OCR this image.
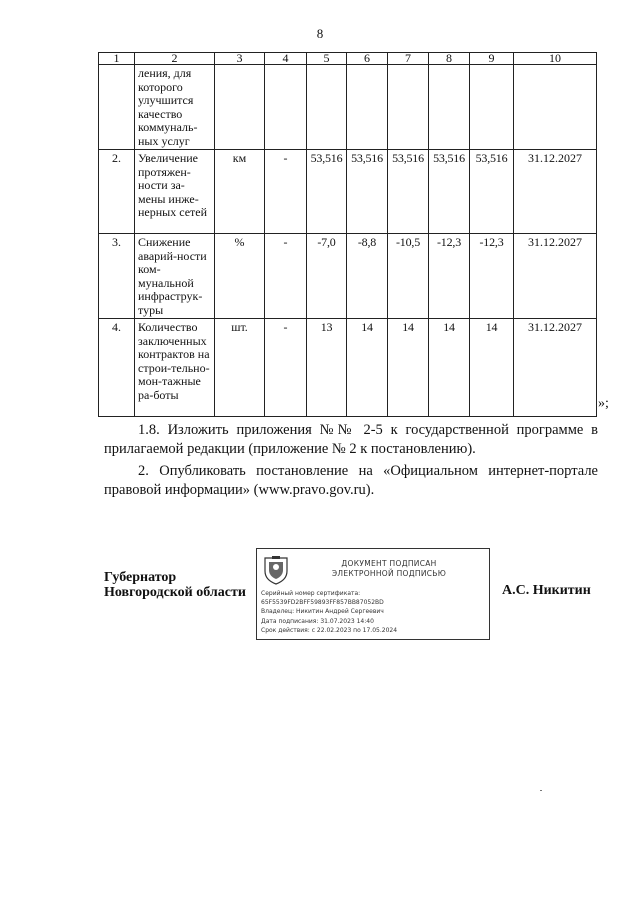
8
1	2	3	4	5	6	7	8	9	10
	ления, для которого улучшится качество коммуналь-ных услуг								
2.	Увеличение протяжен-ности за-мены инже-нерных сетей	км	-	53,516	53,516	53,516	53,516	53,516	31.12.2027
3.	Снижение аварий-ности ком-мунальной инфраструк-туры	%	-	-7,0	-8,8	-10,5	-12,3	-12,3	31.12.2027
4.	Количество заключенных контрактов на строи-тельно-мон-тажные ра-боты	шт.	-	13	14	14	14	14	31.12.2027
»;
1.8. Изложить приложения №№ 2-5 к государственной программе в прилагаемой редакции (приложение № 2 к постановлению).
2. Опубликовать постановление на «Официальном интернет-портале правовой информации» (www.pravo.gov.ru).
Губернатор
Новгородской области
ДОКУМЕНТ ПОДПИСАН
ЭЛЕКТРОННОЙ ПОДПИСЬЮ
Серийный номер сертификата:
65F5539FD2BFF59893FF857BB87052BD
Владелец: Никитин Андрей Сергеевич
Дата подписания: 31.07.2023 14:40
Срок действия: с 22.02.2023 по 17.05.2024
А.С. Никитин
